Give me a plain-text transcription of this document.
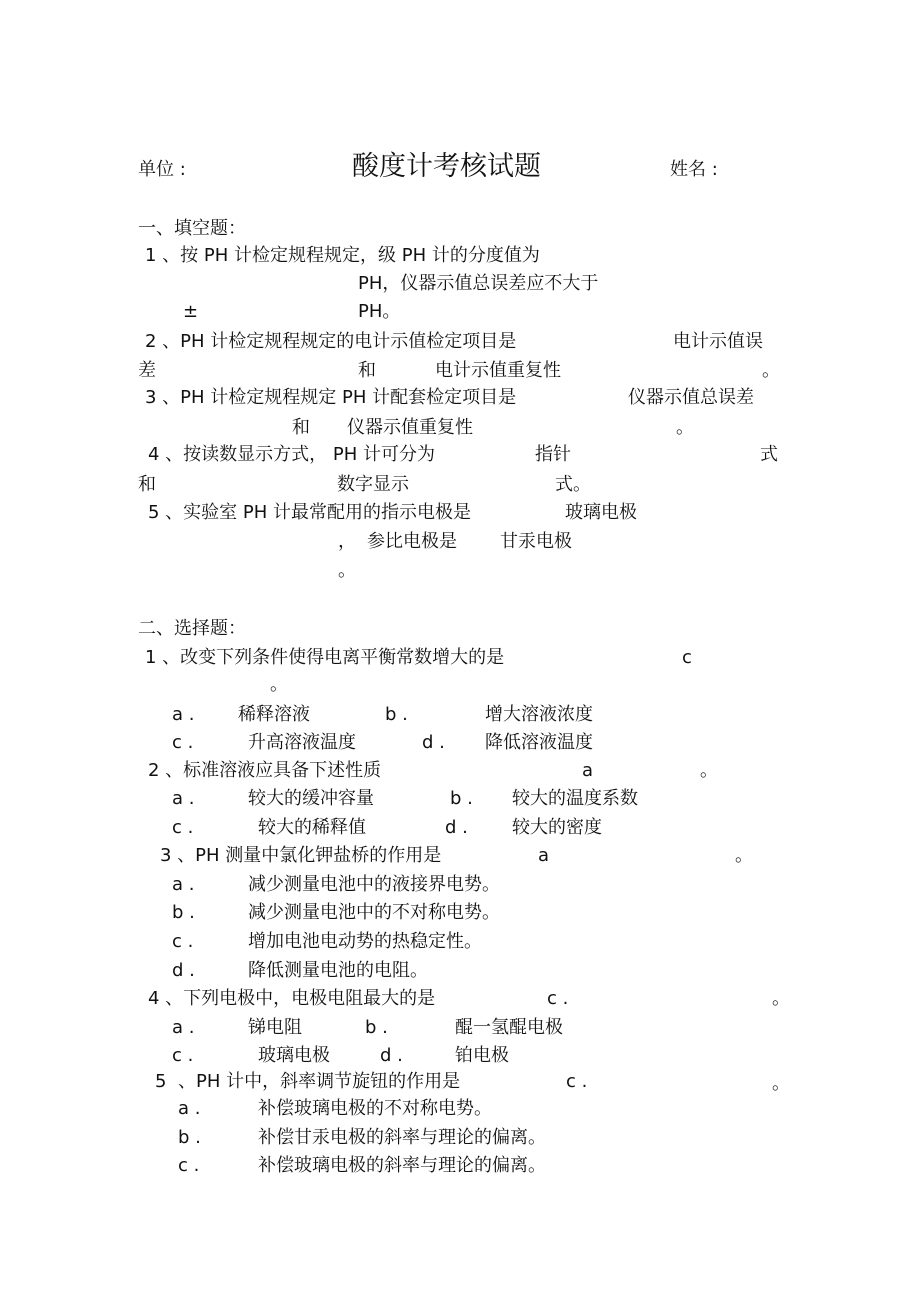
单位 :	酸度计考核试题	姓名 :
一、填空题：
1 、按 PH 计检定规程规定，级 PH 计的分度值为
PH，仪器示值总误差应不大于
±	PH。
2 、PH 计检定规程规定的电计示值检定项目是	电计示值误
差	和	电计示值重复性	。
3 、PH 计检定规程规定 PH 计配套检定项目是	仪器示值总误差
和 仪器示值重复性	。
4 、按读数显示方式， PH 计可分为	指针	式
和	数字显示	式。
5 、实验室 PH 计最常配用的指示电极是	玻璃电极
， 参比电极是 甘汞电极
。
二、选择题：
1 、改变下列条件使得电离平衡常数增大的是	c
。
a . 稀释溶液	b .	增大溶液浓度
c .	升高溶液温度	d . 降低溶液温度
2 、标准溶液应具备下述性质	a	。
a .	较大的缓冲容量	b . 较大的温度系数
c .	较大的稀释值	d . 较大的密度
3 、PH 测量中氯化钾盐桥的作用是	a	。
a .	减少测量电池中的液接界电势。
b .	减少测量电池中的不对称电势。
c .	增加电池电动势的热稳定性。
d .	降低测量电池的电阻。
4 、下列电极中，电极电阻最大的是	c .	。
a .	锑电阻	b .	醌一氢醌电极
c .	玻璃电极	d .	铂电极
5 、PH 计中，斜率调节旋钮的作用是	c .	。
a .	补偿玻璃电极的不对称电势。
b .	补偿甘汞电极的斜率与理论的偏离。
c .	补偿玻璃电极的斜率与理论的偏离。
